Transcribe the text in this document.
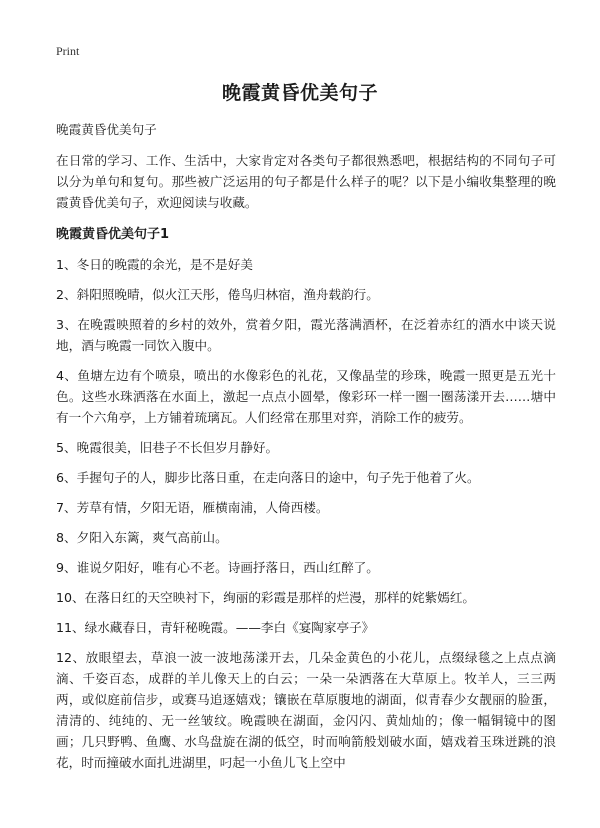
Print
晚霞黄昏优美句子

晚霞黄昏优美句子

在日常的学习、工作、生活中，大家肯定对各类句子都很熟悉吧，根据结构的不同句子可以分为单句和复句。那些被广泛运用的句子都是什么样子的呢？以下是小编收集整理的晚霞黄昏优美句子，欢迎阅读与收藏。

晚霞黄昏优美句子1

1、冬日的晚霞的余光，是不是好美

2、斜阳照晚晴，似火江天彤，倦鸟归林宿，渔舟载韵行。

3、在晚霞映照着的乡村的效外，赏着夕阳，霞光落满酒杯，在泛着赤红的酒水中谈天说地，酒与晚霞一同饮入腹中。

4、鱼塘左边有个喷泉，喷出的水像彩色的礼花，又像晶莹的珍珠，晚霞一照更是五光十色。这些水珠洒落在水面上，激起一点点小圆晕，像彩环一样一圈一圈荡漾开去……塘中有一个六角亭，上方铺着琉璃瓦。人们经常在那里对弈，消除工作的疲劳。

5、晚霞很美，旧巷子不长但岁月静好。

6、手握句子的人，脚步比落日重，在走向落日的途中，句子先于他着了火。

7、芳草有情，夕阳无语，雁横南浦，人倚西楼。

8、夕阳入东篱，爽气高前山。

9、谁说夕阳好，唯有心不老。诗画抒落日，西山红醉了。

10、在落日红的天空映衬下，绚丽的彩霞是那样的烂漫，那样的姹紫嫣红。

11、绿水藏春日，青轩秘晚霞。——李白《宴陶家亭子》

12、放眼望去，草浪一波一波地荡漾开去，几朵金黄色的小花儿，点缀绿毯之上点点滴滴、千姿百态，成群的羊儿像天上的白云；一朵一朵洒落在大草原上。牧羊人，三三两两，或似庭前信步，或赛马追逐嬉戏；镶嵌在草原腹地的湖面，似青春少女靓丽的脸蛋，清清的、纯纯的、无一丝皱纹。晚霞映在湖面，金闪闪、黄灿灿的；像一幅铜镜中的图画；几只野鸭、鱼鹰、水鸟盘旋在湖的低空，时而响箭般划破水面，嬉戏着玉珠迸跳的浪花，时而撞破水面扎进湖里，叼起一小鱼儿飞上空中
